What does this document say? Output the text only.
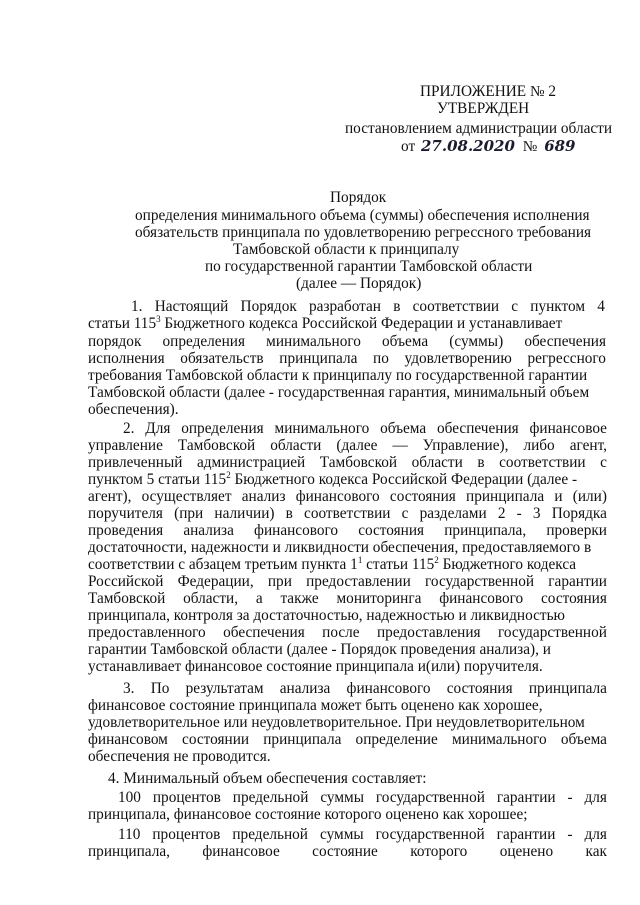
ПРИЛОЖЕНИЕ № 2
УТВЕРЖДЕН
постановлением администрации области
от 27.08.2020 № 689
Порядок
определения минимального объема (суммы) обеспечения исполнения
обязательств принципала по удовлетворению регрессного требования
Тамбовской области к принципалу
по государственной гарантии Тамбовской области
(далее — Порядок)
1. Настоящий Порядок разработан в соответствии с пунктом 4
статьи $115^3$ Бюджетного кодекса Российской Федерации и устанавливает
порядок определения минимального объема (суммы) обеспечения
исполнения обязательств принципала по удовлетворению регрессного
требования Тамбовской области к принципалу по государственной гарантии
Тамбовской области (далее - государственная гарантия, минимальный объем
обеспечения).
2. Для определения минимального объема обеспечения финансовое
управление Тамбовской области (далее — Управление), либо агент,
привлеченный администрацией Тамбовской области в соответствии с
пунктом 5 статьи $115^2$ Бюджетного кодекса Российской Федерации (далее -
агент), осуществляет анализ финансового состояния принципала и (или)
поручителя (при наличии) в соответствии с разделами 2 - 3 Порядка
проведения анализа финансового состояния принципала, проверки
достаточности, надежности и ликвидности обеспечения, предоставляемого в
соответствии с абзацем третьим пункта $1^1$ статьи $115^2$ Бюджетного кодекса
Российской Федерации, при предоставлении государственной гарантии
Тамбовской области, а также мониторинга финансового состояния
принципала, контроля за достаточностью, надежностью и ликвидностью
предоставленного обеспечения после предоставления государственной
гарантии Тамбовской области (далее - Порядок проведения анализа), и
устанавливает финансовое состояние принципала и(или) поручителя.
3. По результатам анализа финансового состояния принципала
финансовое состояние принципала может быть оценено как хорошее,
удовлетворительное или неудовлетворительное. При неудовлетворительном
финансовом состоянии принципала определение минимального объема
обеспечения не проводится.
4. Минимальный объем обеспечения составляет:
100 процентов предельной суммы государственной гарантии - для
принципала, финансовое состояние которого оценено как хорошее;
110 процентов предельной суммы государственной гарантии - для
принципала, финансовое состояние которого оценено как
